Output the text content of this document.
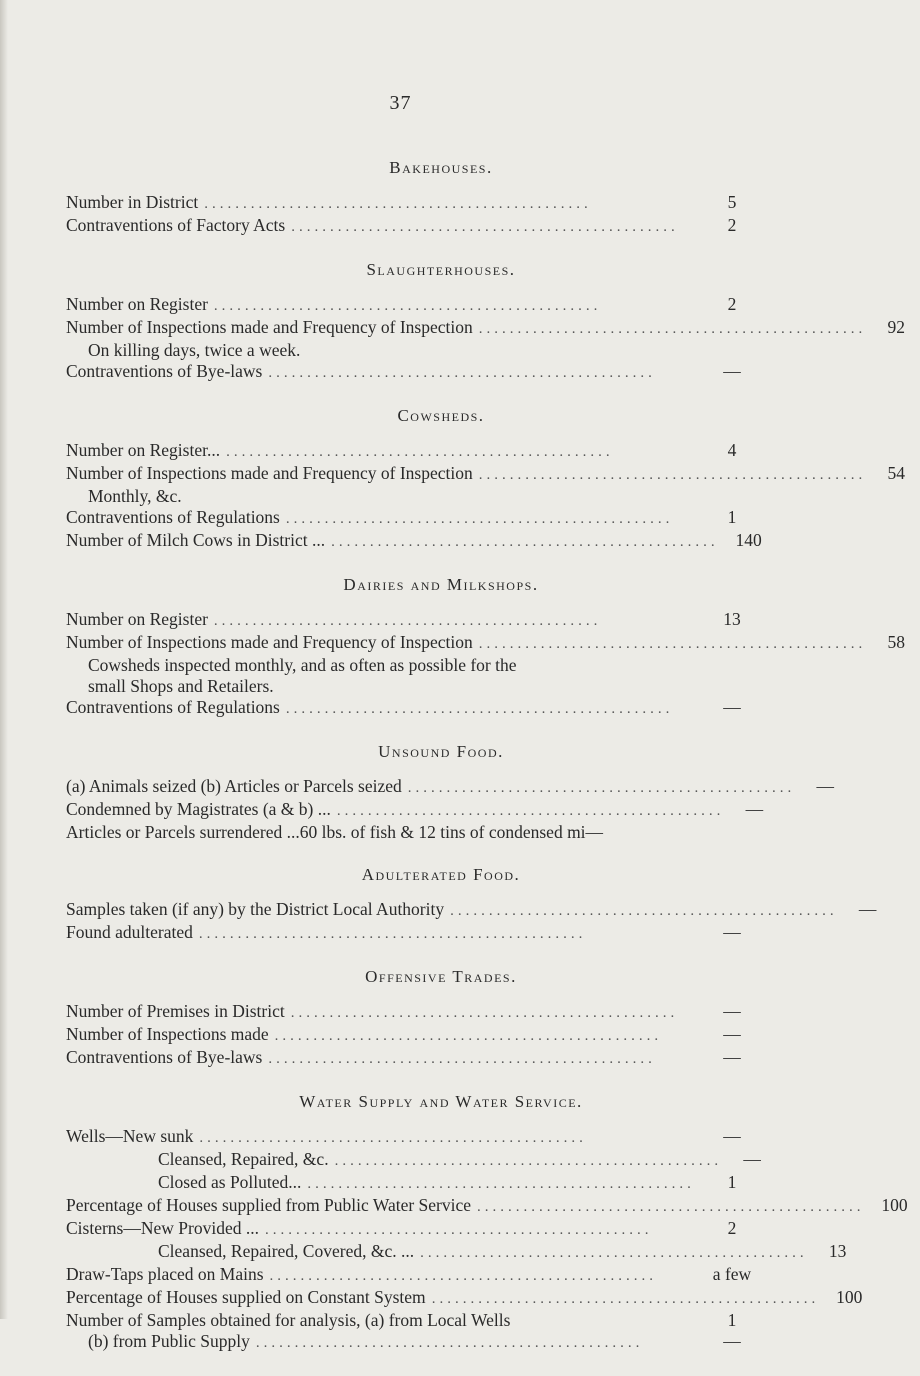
37
Bakehouses.
Number in District ..................................................	5
Contraventions of Factory Acts ..................................................	2
Slaughterhouses.
Number on Register ..................................................	2
Number of Inspections made and Frequency of Inspection ..................................................	92
On killing days, twice a week.
Contraventions of Bye-laws ..................................................	—
Cowsheds.
Number on Register... ..................................................	4
Number of Inspections made and Frequency of Inspection ..................................................	54
Monthly, &c.
Contraventions of Regulations ..................................................	1
Number of Milch Cows in District ... .................................................. 140
Dairies and Milkshops.
Number on Register ..................................................	13
Number of Inspections made and Frequency of Inspection ..................................................	58
Cowsheds inspected monthly, and as often as possible for the
small Shops and Retailers.
Contraventions of Regulations ..................................................	—
Unsound Food.
(a) Animals seized (b) Articles or Parcels seized ..................................................	—
Condemned by Magistrates (a & b) ... ..................................................	—
Articles or Parcels surrendered ...60 lbs. of fish & 12 tins of condensed mi—
Adulterated Food.
Samples taken (if any) by the District Local Authority ..................................................	—
Found adulterated ..................................................	—
Offensive Trades.
Number of Premises in District ..................................................	—
Number of Inspections made ..................................................	—
Contraventions of Bye-laws ..................................................	—
Water Supply and Water Service.
Wells—New sunk ..................................................	—
Cleansed, Repaired, &c. ..................................................	—
Closed as Polluted... ..................................................	1
Percentage of Houses supplied from Public Water Service .................................................. 100
Cisterns—New Provided ... ..................................................	2
Cleansed, Repaired, Covered, &c. ... ..................................................	13
Draw-Taps placed on Mains ..................................................	a few
Percentage of Houses supplied on Constant System .................................................. 100
Number of Samples obtained for analysis, (a) from Local Wells	1
(b) from Public Supply ..................................................	—
